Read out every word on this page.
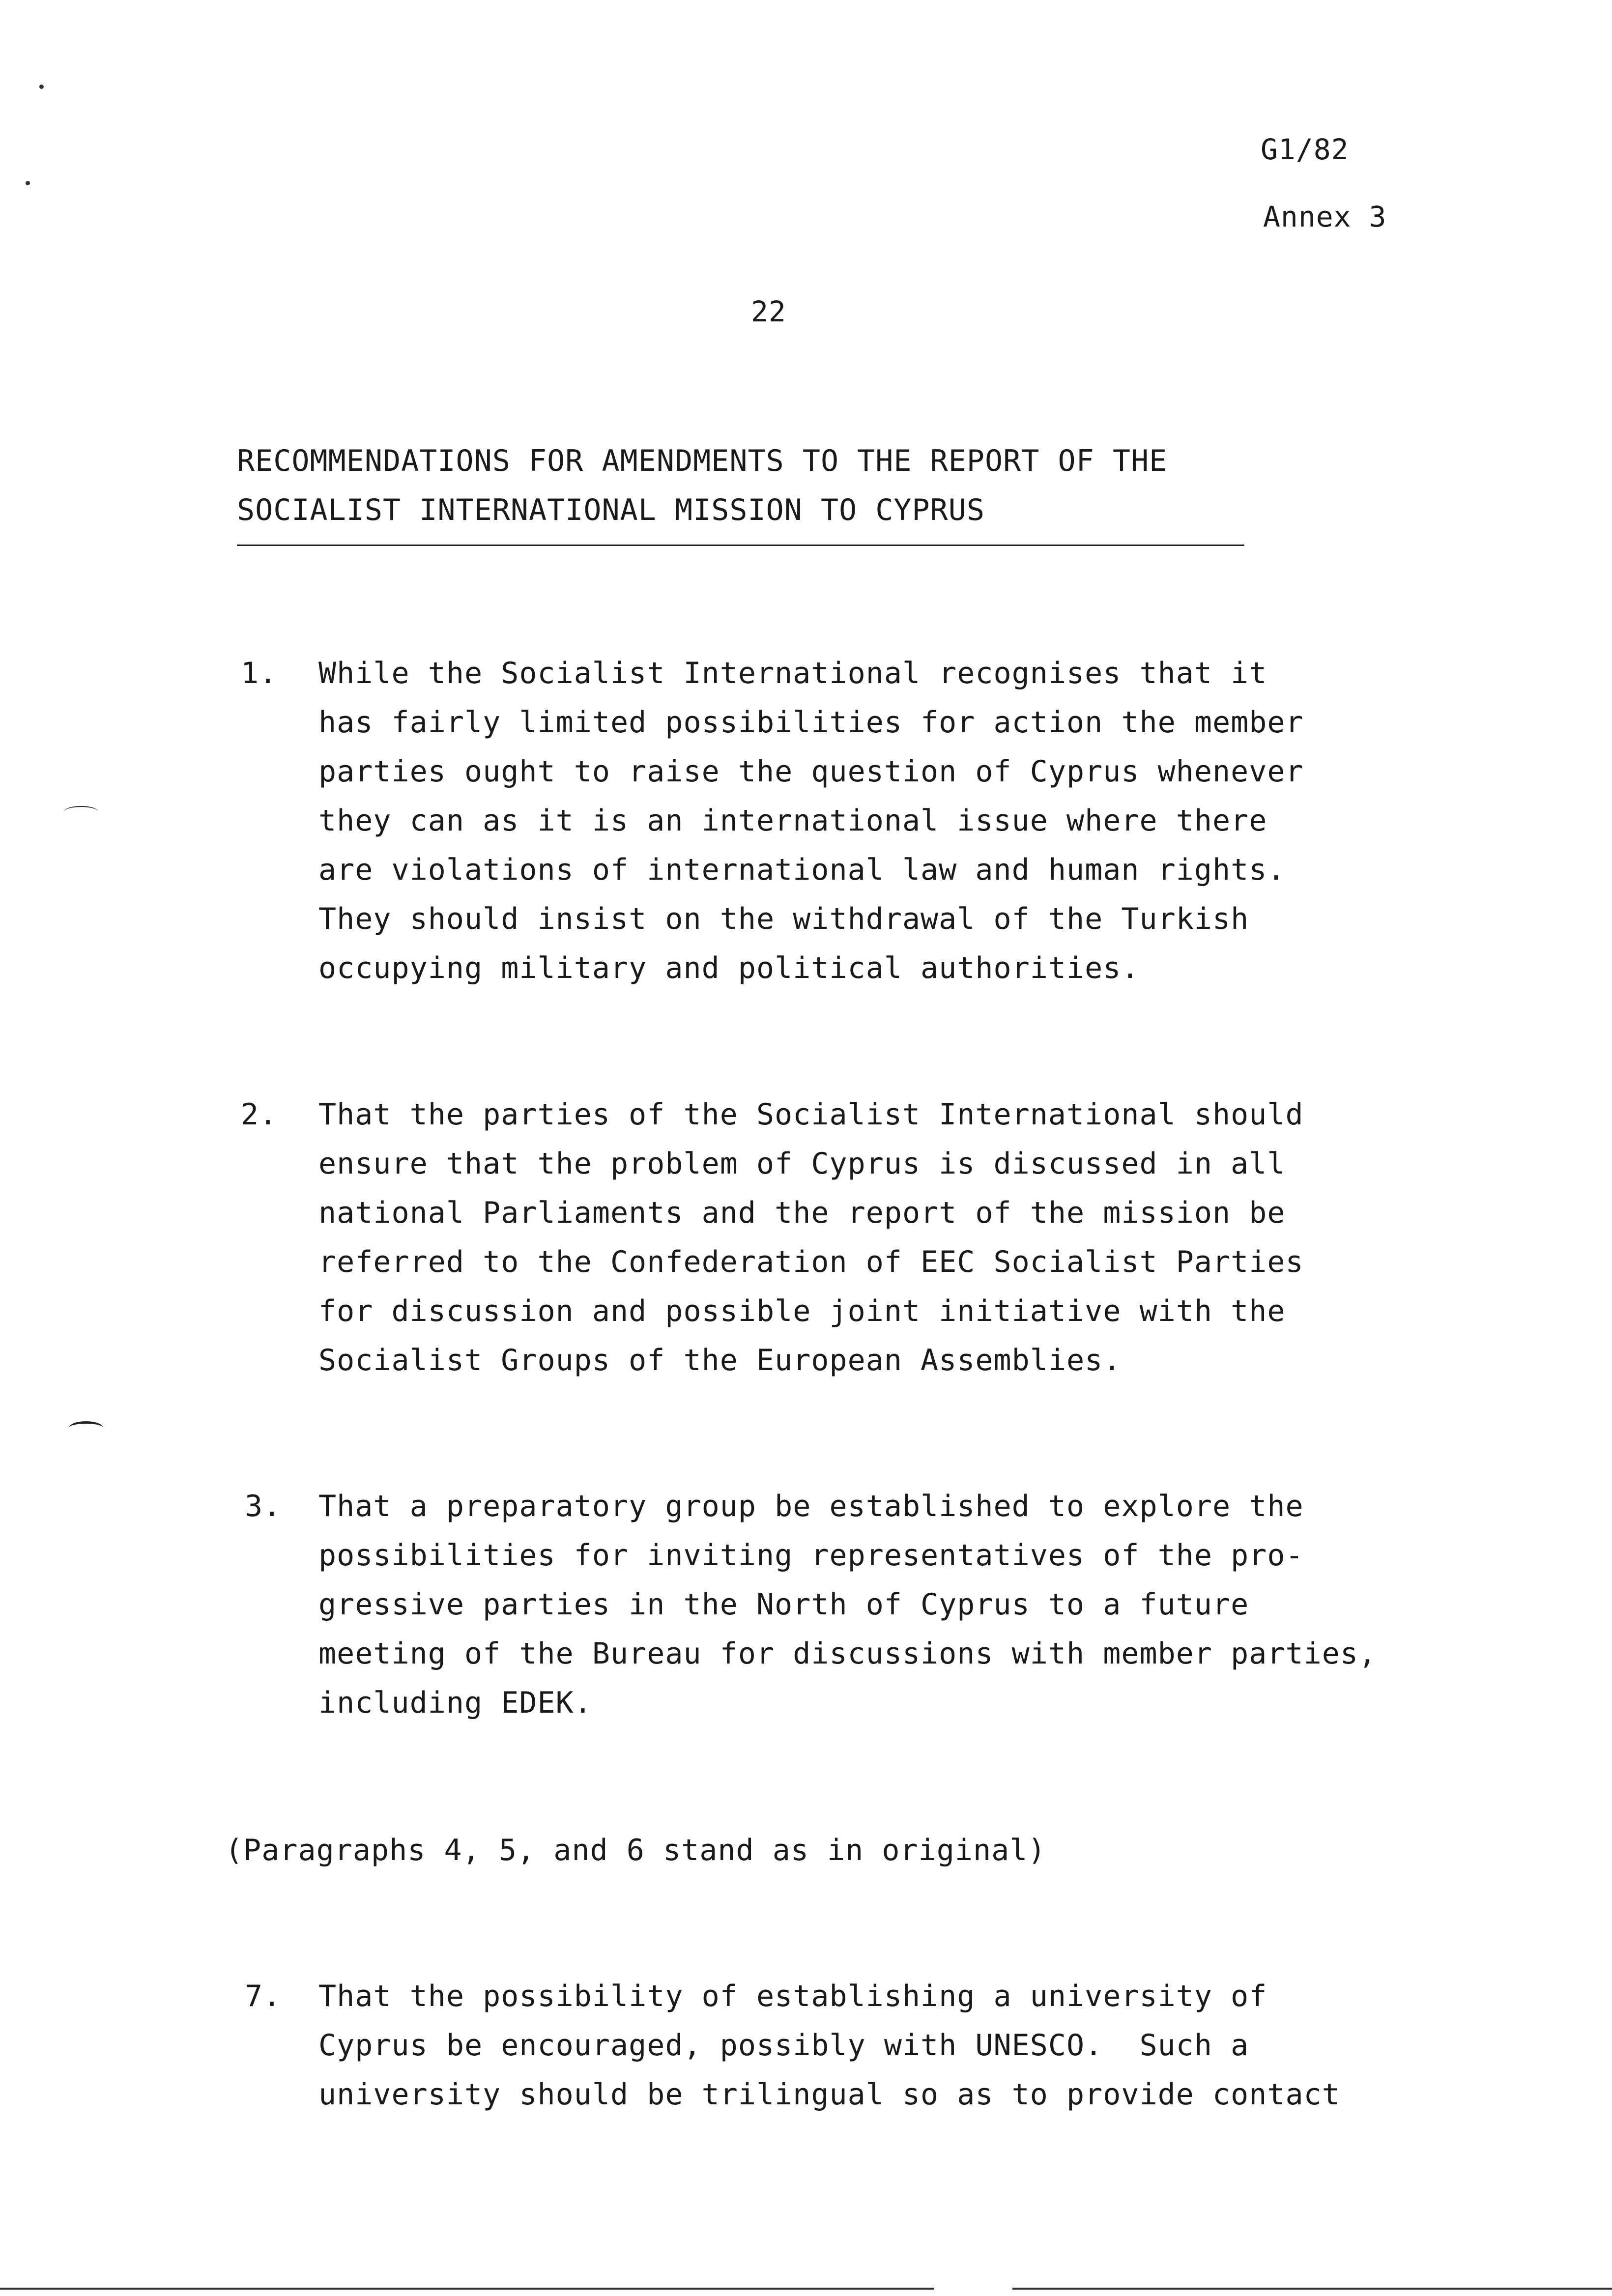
G1/82
Annex 3
22
RECOMMENDATIONS FOR AMENDMENTS TO THE REPORT OF THE
SOCIALIST INTERNATIONAL MISSION TO CYPRUS
1. While the Socialist International recognises that it
has fairly limited possibilities for action the member
parties ought to raise the question of Cyprus whenever
they can as it is an international issue where there
are violations of international law and human rights.
They should insist on the withdrawal of the Turkish
occupying military and political authorities.
2. That the parties of the Socialist International should
ensure that the problem of Cyprus is discussed in all
national Parliaments and the report of the mission be
referred to the Confederation of EEC Socialist Parties
for discussion and possible joint initiative with the
Socialist Groups of the European Assemblies.
3. That a preparatory group be established to explore the
possibilities for inviting representatives of the pro-
gressive parties in the North of Cyprus to a future
meeting of the Bureau for discussions with member parties,
including EDEK.
(Paragraphs 4, 5, and 6 stand as in original)
7. That the possibility of establishing a university of
Cyprus be encouraged, possibly with UNESCO.  Such a
university should be trilingual so as to provide contact
